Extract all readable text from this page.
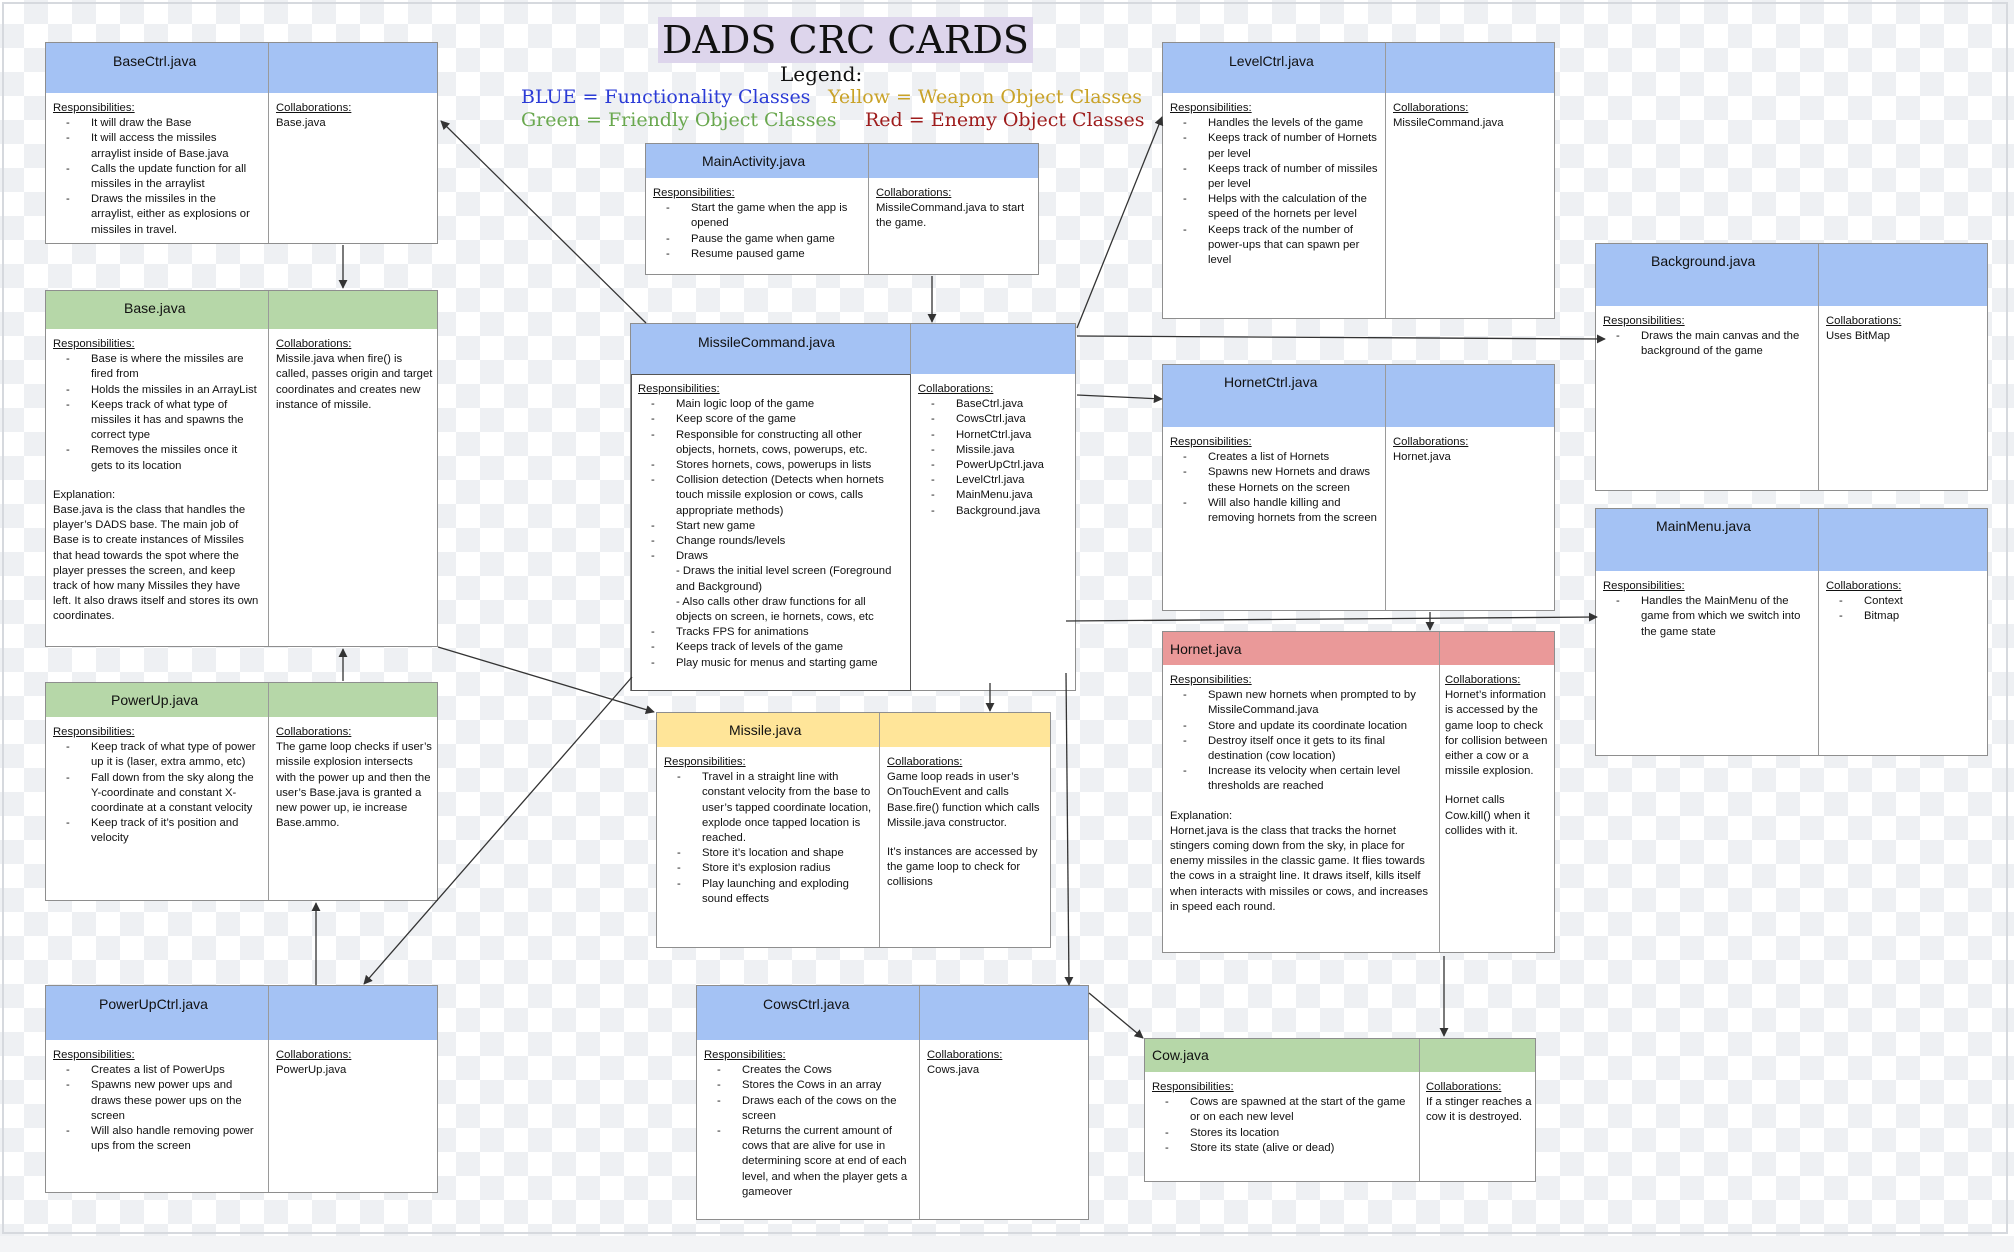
DADS CRC CARDS
Legend:
BLUE = Functionality Classes Yellow = Weapon Object Classes
Green = Friendly Object Classes Red = Enemy Object Classes
BaseCtrl.java
Responsibilities:
- It will draw the Base
- It will access the missiles arraylist inside of Base.java
- Calls the update function for all missiles in the arraylist
- Draws the missiles in the arraylist, either as explosions or missiles in travel.
Collaborations:
Base.java
Base.java
Responsibilities:
- Base is where the missiles are fired from
- Holds the missiles in an ArrayList
- Keeps track of what type of missiles it has and spawns the correct type
- Removes the missiles once it gets to its location
Explanation:
Base.java is the class that handles the player’s DADS base. The main job of Base is to create instances of Missiles that head towards the spot where the player presses the screen, and keep track of how many Missiles they have left. It also draws itself and stores its own coordinates.
Collaborations:
Missile.java when fire() is called, passes origin and target coordinates and creates new instance of missile.
PowerUp.java
Responsibilities:
- Keep track of what type of power up it is (laser, extra ammo, etc)
- Fall down from the sky along the Y-coordinate and constant X-coordinate at a constant velocity
- Keep track of it’s position and velocity
Collaborations:
The game loop checks if user’s missile explosion intersects with the power up and then the user’s Base.java is granted a new power up, ie increase Base.ammo.
PowerUpCtrl.java
Responsibilities:
- Creates a list of PowerUps
- Spawns new power ups and draws these power ups on the screen
- Will also handle removing power ups from the screen
Collaborations:
PowerUp.java
MainActivity.java
Responsibilities:
- Start the game when the app is opened
- Pause the game when game
- Resume paused game
Collaborations:
MissileCommand.java to start the game.
MissileCommand.java
Responsibilities:
- Main logic loop of the game
- Keep score of the game
- Responsible for constructing all other objects, hornets, cows, powerups, etc.
- Stores hornets, cows, powerups in lists
- Collision detection (Detects when hornets touch missile explosion or cows, calls appropriate methods)
- Start new game
- Change rounds/levels
- Draws
- Draws the initial level screen (Foreground and Background)
- Also calls other draw functions for all objects on screen, ie hornets, cows, etc
- Tracks FPS for animations
- Keeps track of levels of the game
- Play music for menus and starting game
Collaborations:
- BaseCtrl.java
- CowsCtrl.java
- HornetCtrl.java
- Missile.java
- PowerUpCtrl.java
- LevelCtrl.java
- MainMenu.java
- Background.java
Missile.java
Responsibilities:
- Travel in a straight line with constant velocity from the base to user’s tapped coordinate location, explode once tapped location is reached.
- Store it’s location and shape
- Store it’s explosion radius
- Play launching and exploding sound effects
Collaborations:
Game loop reads in user’s OnTouchEvent and calls Base.fire() function which calls Missile.java constructor.
It’s instances are accessed by the game loop to check for collisions
CowsCtrl.java
Responsibilities:
- Creates the Cows
- Stores the Cows in an array
- Draws each of the cows on the screen
- Returns the current amount of cows that are alive for use in determining score at end of each level, and when the player gets a gameover
Collaborations:
Cows.java
LevelCtrl.java
Responsibilities:
- Handles the levels of the game
- Keeps track of number of Hornets per level
- Keeps track of number of missiles per level
- Helps with the calculation of the speed of the hornets per level
- Keeps track of the number of power-ups that can spawn per level
Collaborations:
MissileCommand.java
HornetCtrl.java
Responsibilities:
- Creates a list of Hornets
- Spawns new Hornets and draws these Hornets on the screen
- Will also handle killing and removing hornets from the screen
Collaborations:
Hornet.java
Hornet.java
Responsibilities:
- Spawn new hornets when prompted to by MissileCommand.java
- Store and update its coordinate location
- Destroy itself once it gets to its final destination (cow location)
- Increase its velocity when certain level thresholds are reached
Explanation:
Hornet.java is the class that tracks the hornet stingers coming down from the sky, in place for enemy missiles in the classic game. It flies towards the cows in a straight line. It draws itself, kills itself when interacts with missiles or cows, and increases in speed each round.
Collaborations:
Hornet’s information is accessed by the game loop to check for collision between either a cow or a missile explosion.
Hornet calls Cow.kill() when it collides with it.
Cow.java
Responsibilities:
- Cows are spawned at the start of the game or on each new level
- Stores its location
- Store its state (alive or dead)
Collaborations:
If a stinger reaches a cow it is destroyed.
Background.java
Responsibilities:
- Draws the main canvas and the background of the game
Collaborations:
Uses BitMap
MainMenu.java
Responsibilities:
- Handles the MainMenu of the game from which we switch into the game state
Collaborations:
- Context
- Bitmap
